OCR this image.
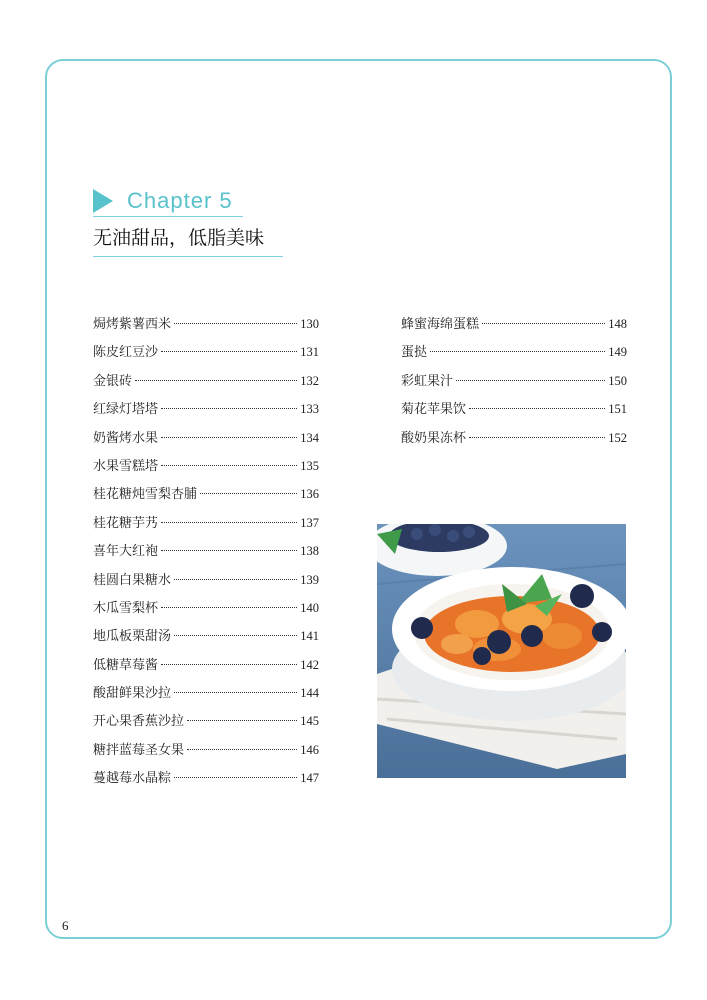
Chapter 5
无油甜品，低脂美味
焗烤紫薯西米	130
陈皮红豆沙	131
金银砖	132
红绿灯塔塔	133
奶酱烤水果	134
水果雪糕塔	135
桂花糖炖雪梨杏脯	136
桂花糖芋艿	137
喜年大红袍	138
桂圆白果糖水	139
木瓜雪梨杯	140
地瓜板栗甜汤	141
低糖草莓酱	142
酸甜鲜果沙拉	144
开心果香蕉沙拉	145
糖拌蓝莓圣女果	146
蔓越莓水晶粽	147
蜂蜜海绵蛋糕	148
蛋挞	149
彩虹果汁	150
菊花苹果饮	151
酸奶果冻杯	152
6
